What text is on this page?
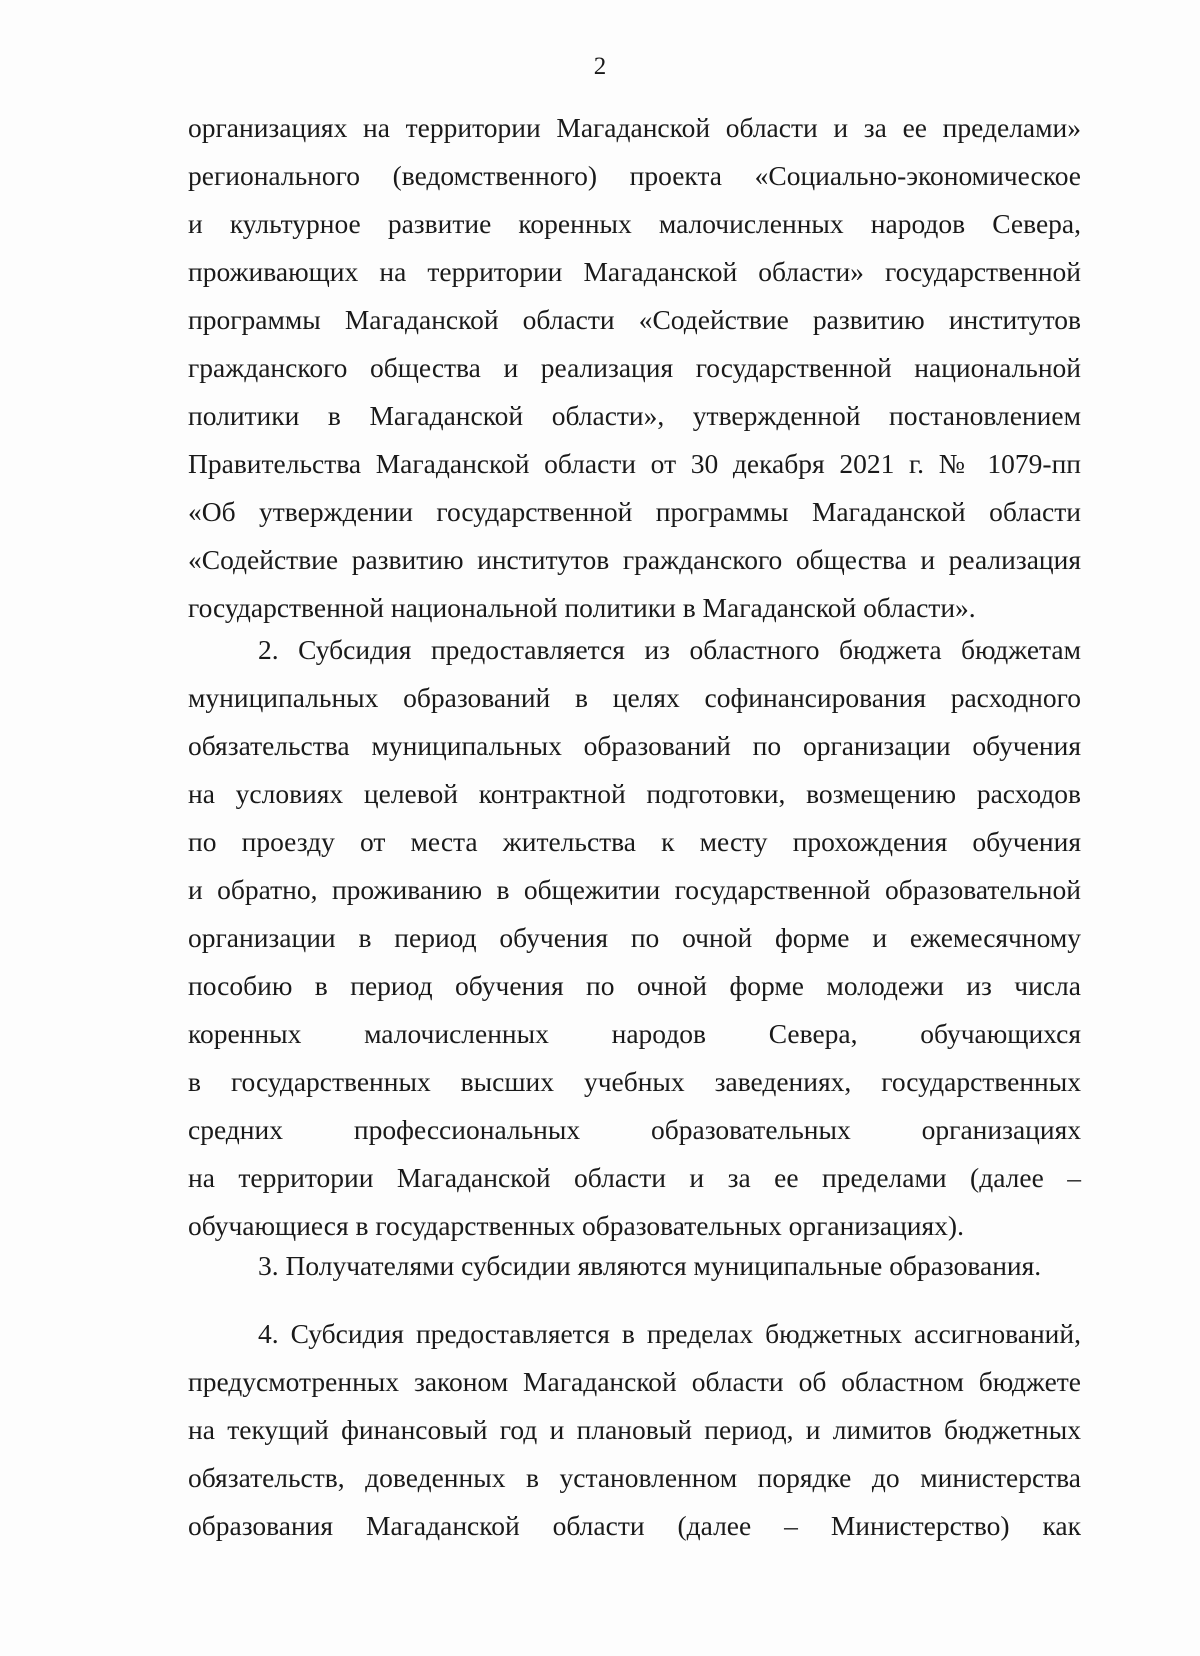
2
организациях на территории Магаданской области и за ее пределами»
регионального (ведомственного) проекта «Социально-экономическое
и культурное развитие коренных малочисленных народов Севера,
проживающих на территории Магаданской области» государственной
программы Магаданской области «Содействие развитию институтов
гражданского общества и реализация государственной национальной
политики в Магаданской области», утвержденной постановлением
Правительства Магаданской области от 30 декабря 2021 г. № 1079-пп
«Об утверждении государственной программы Магаданской области
«Содействие развитию институтов гражданского общества и реализация
государственной национальной политики в Магаданской области».
2. Субсидия предоставляется из областного бюджета бюджетам
муниципальных образований в целях софинансирования расходного
обязательства муниципальных образований по организации обучения
на условиях целевой контрактной подготовки, возмещению расходов
по проезду от места жительства к месту прохождения обучения
и обратно, проживанию в общежитии государственной образовательной
организации в период обучения по очной форме и ежемесячному
пособию в период обучения по очной форме молодежи из числа
коренных малочисленных народов Севера, обучающихся
в государственных высших учебных заведениях, государственных
средних профессиональных образовательных организациях
на территории Магаданской области и за ее пределами (далее –
обучающиеся в государственных образовательных организациях).
3. Получателями субсидии являются муниципальные образования.
4. Субсидия предоставляется в пределах бюджетных ассигнований,
предусмотренных законом Магаданской области об областном бюджете
на текущий финансовый год и плановый период, и лимитов бюджетных
обязательств, доведенных в установленном порядке до министерства
образования Магаданской области (далее – Министерство) как
